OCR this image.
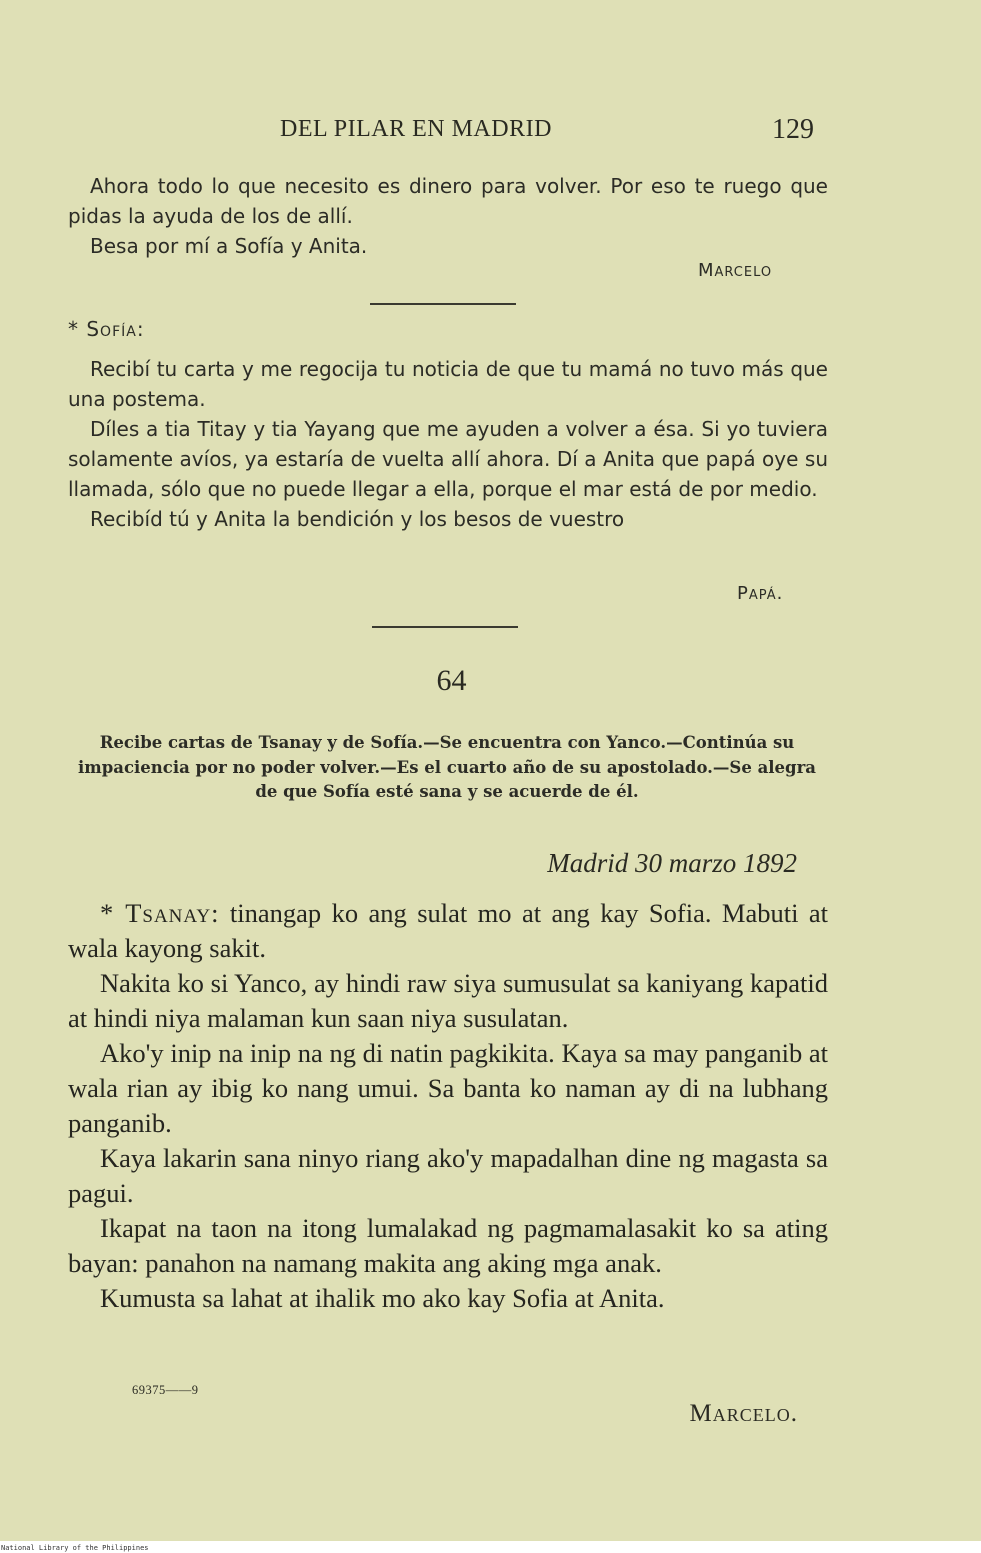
DEL PILAR EN MADRID	129

Ahora todo lo que necesito es dinero para volver. Por eso te ruego que pidas la ayuda de los de allí.

Besa por mí a Sofía y Anita.

Marcelo

* Sofía:

Recibí tu carta y me regocija tu noticia de que tu mamá no tuvo más que una postema.

Díles a tia Titay y tia Yayang que me ayuden a volver a ésa. Si yo tuviera solamente avíos, ya estaría de vuelta allí ahora. Dí a Anita que papá oye su llamada, sólo que no puede llegar a ella, porque el mar está de por medio.

Recibíd tú y Anita la bendición y los besos de vuestro

Papá.
64
Recibe cartas de Tsanay y de Sofía.—Se encuentra con Yanco.—Continúa su impaciencia por no poder volver.—Es el cuarto año de su apostolado.—Se alegra de que Sofía esté sana y se acuerde de él.
Madrid 30 marzo 1892

* Tsanay: tinangap ko ang sulat mo at ang kay Sofia. Mabuti at wala kayong sakit.

Nakita ko si Yanco, ay hindi raw siya sumusulat sa kaniyang kapatid at hindi niya malaman kun saan niya susulatan.

Ako'y inip na inip na ng di natin pagkikita. Kaya sa may panganib at wala rian ay ibig ko nang umui. Sa banta ko naman ay di na lubhang panganib.

Kaya lakarin sana ninyo riang ako'y mapadalhan dine ng magasta sa pagui.

Ikapat na taon na itong lumalakad ng pagmamalasakit ko sa ating bayan: panahon na namang makita ang aking mga anak.

Kumusta sa lahat at ihalik mo ako kay Sofia at Anita.

69375——9
Marcelo.
National Library of the Philippines
